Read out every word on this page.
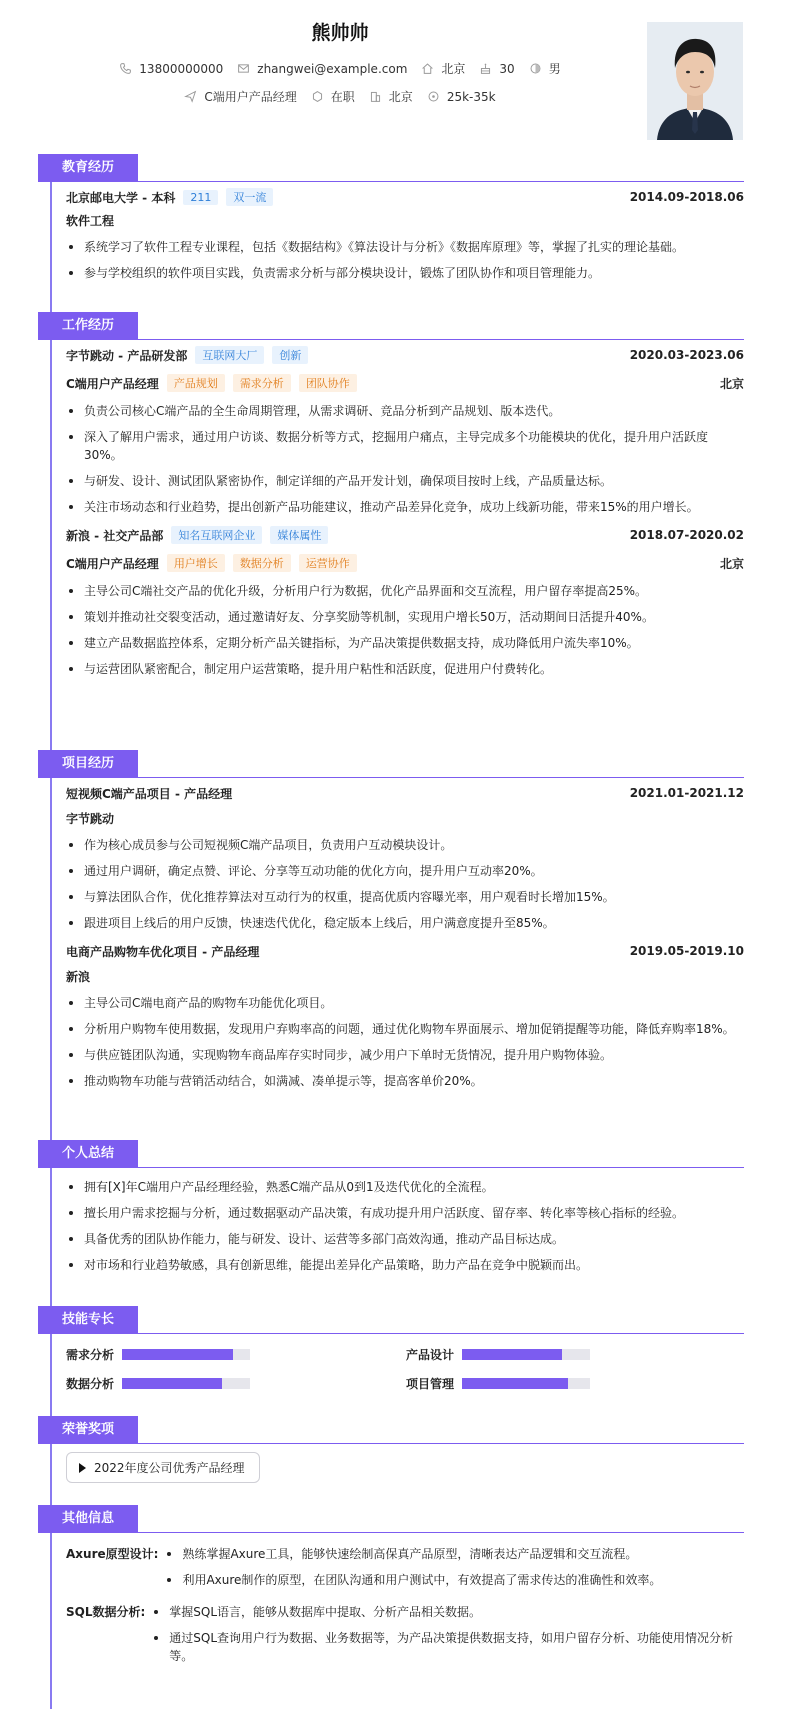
熊帅帅
13800000000	zhangwei@example.com	北京	30	男
C端用户产品经理	在职	北京	25k-35k
教育经历
北京邮电大学 - 本科	211	双一流	2014.09-2018.06
软件工程
系统学习了软件工程专业课程，包括《数据结构》《算法设计与分析》《数据库原理》等，掌握了扎实的理论基础。
参与学校组织的软件项目实践，负责需求分析与部分模块设计，锻炼了团队协作和项目管理能力。
工作经历
字节跳动 - 产品研发部	互联网大厂	创新	2020.03-2023.06
C端用户产品经理	产品规划	需求分析	团队协作	北京
负责公司核心C端产品的全生命周期管理，从需求调研、竞品分析到产品规划、版本迭代。
深入了解用户需求，通过用户访谈、数据分析等方式，挖掘用户痛点，主导完成多个功能模块的优化，提升用户活跃度30%。
与研发、设计、测试团队紧密协作，制定详细的产品开发计划，确保项目按时上线，产品质量达标。
关注市场动态和行业趋势，提出创新产品功能建议，推动产品差异化竞争，成功上线新功能，带来15%的用户增长。
新浪 - 社交产品部	知名互联网企业	媒体属性	2018.07-2020.02
C端用户产品经理	用户增长	数据分析	运营协作	北京
主导公司C端社交产品的优化升级，分析用户行为数据，优化产品界面和交互流程，用户留存率提高25%。
策划并推动社交裂变活动，通过邀请好友、分享奖励等机制，实现用户增长50万，活动期间日活提升40%。
建立产品数据监控体系，定期分析产品关键指标，为产品决策提供数据支持，成功降低用户流失率10%。
与运营团队紧密配合，制定用户运营策略，提升用户粘性和活跃度，促进用户付费转化。
项目经历
短视频C端产品项目 - 产品经理	2021.01-2021.12
字节跳动
作为核心成员参与公司短视频C端产品项目，负责用户互动模块设计。
通过用户调研，确定点赞、评论、分享等互动功能的优化方向，提升用户互动率20%。
与算法团队合作，优化推荐算法对互动行为的权重，提高优质内容曝光率，用户观看时长增加15%。
跟进项目上线后的用户反馈，快速迭代优化，稳定版本上线后，用户满意度提升至85%。
电商产品购物车优化项目 - 产品经理	2019.05-2019.10
新浪
主导公司C端电商产品的购物车功能优化项目。
分析用户购物车使用数据，发现用户弃购率高的问题，通过优化购物车界面展示、增加促销提醒等功能，降低弃购率18%。
与供应链团队沟通，实现购物车商品库存实时同步，减少用户下单时无货情况，提升用户购物体验。
推动购物车功能与营销活动结合，如满减、凑单提示等，提高客单价20%。
个人总结
拥有[X]年C端用户产品经理经验，熟悉C端产品从0到1及迭代优化的全流程。
擅长用户需求挖掘与分析，通过数据驱动产品决策，有成功提升用户活跃度、留存率、转化率等核心指标的经验。
具备优秀的团队协作能力，能与研发、设计、运营等多部门高效沟通，推动产品目标达成。
对市场和行业趋势敏感，具有创新思维，能提出差异化产品策略，助力产品在竞争中脱颖而出。
技能专长
需求分析	产品设计
数据分析	项目管理
荣誉奖项
2022年度公司优秀产品经理
其他信息
Axure原型设计:	熟练掌握Axure工具，能够快速绘制高保真产品原型，清晰表达产品逻辑和交互流程。
利用Axure制作的原型，在团队沟通和用户测试中，有效提高了需求传达的准确性和效率。
SQL数据分析:	掌握SQL语言，能够从数据库中提取、分析产品相关数据。
通过SQL查询用户行为数据、业务数据等，为产品决策提供数据支持，如用户留存分析、功能使用情况分析等。
